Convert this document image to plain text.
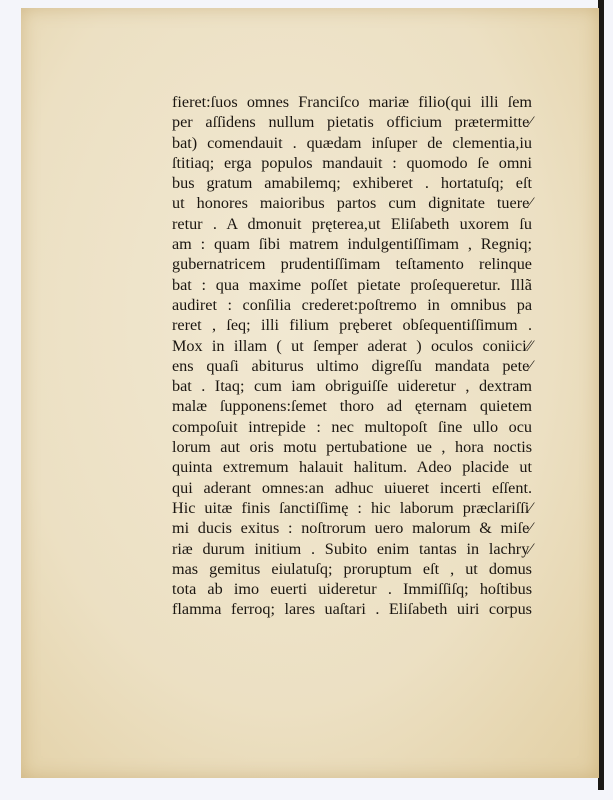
fieret:ſuos omnes Franciſco mariæ filio(qui illi ſem
per aſſidens nullum pietatis officium prætermitte⁄
bat) comendauit . quædam inſuper de clementia,iu
ſtitiaq; erga populos mandauit : quomodo ſe omni
bus gratum amabilemq; exhiberet . hortatuſq; eſt
ut honores maioribus partos cum dignitate tuere⁄
retur . A dmonuit pręterea,ut Eliſabeth uxorem ſu
am : quam ſibi matrem indulgentiſſimam , Regniq;
gubernatricem prudentiſſimam teſtamento relinque
bat : qua maxime poſſet pietate proſequeretur. Illã
audiret : conſilia crederet:poſtremo in omnibus pa
reret , ſeq; illi filium pręberet obſequentiſſimum .
Mox in illam ( ut ſemper aderat ) oculos coniici⁄⁄
ens quaſi abiturus ultimo digreſſu mandata pete⁄
bat . Itaq; cum iam obriguiſſe uideretur , dextram
malæ ſupponens:ſemet thoro ad ęternam quietem
compoſuit intrepide : nec multopoſt ſine ullo ocu
lorum aut oris motu pertubatione ue , hora noctis
quinta extremum halauit halitum. Adeo placide ut
qui aderant omnes:an adhuc uiueret incerti eſſent.
Hic uitæ finis ſanctiſſimę : hic laborum præclariſſi⁄
mi ducis exitus : noſtrorum uero malorum & miſe⁄
riæ durum initium . Subito enim tantas in lachry⁄
mas gemitus eiulatuſq; proruptum eſt , ut domus
tota ab imo euerti uideretur . Immiſſiſq; hoſtibus
flamma ferroq; lares uaſtari . Eliſabeth uiri corpus
